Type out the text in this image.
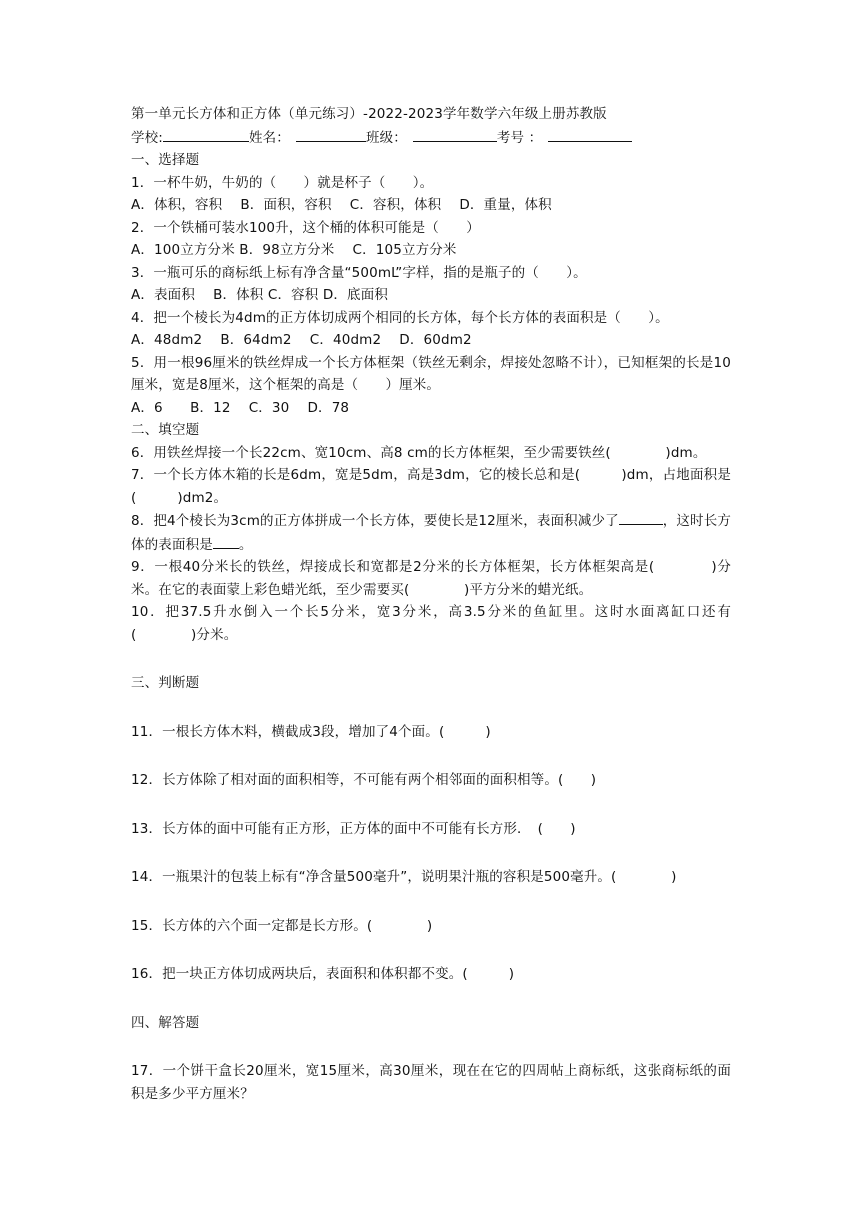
第一单元长方体和正方体（单元练习）-2022-2023学年数学六年级上册苏教版
学校:	姓名：	班级：	考号 ：
一、选择题
1．一杯牛奶，牛奶的（　　）就是杯子（　　）。
A．体积，容积　 B．面积，容积　 C．容积，体积　 D．重量，体积
2．一个铁桶可装水100升，这个桶的体积可能是（　　）
A．100立方分米 B．98立方分米　 C．105立方分米
3．一瓶可乐的商标纸上标有净含量“500mL”字样，指的是瓶子的（　　）。
A．表面积　 B．体积 C．容积 D．底面积
4．把一个棱长为4dm的正方体切成两个相同的长方体，每个长方体的表面积是（　　）。
A．48dm2　 B．64dm2　 C．40dm2　 D．60dm2
5．用一根96厘米的铁丝焊成一个长方体框架（铁丝无剩余，焊接处忽略不计），已知框架的长是10厘米，宽是8厘米，这个框架的高是（　　）厘米。
A．6　　B．12　 C．30　 D．78
二、填空题
6．用铁丝焊接一个长22cm、宽10cm、高8 cm的长方体框架，至少需要铁丝(　　　　)dm。
7．一个长方体木箱的长是6dm，宽是5dm，高是3dm，它的棱长总和是(　　　)dm，占地面积是(　　　)dm2。
8．把4个棱长为3cm的正方体拼成一个长方体，要使长是12厘米，表面积减少了	，这时长方体的表面积是 。
9．一根40分米长的铁丝，焊接成长和宽都是2分米的长方体框架，长方体框架高是(　　　　)分米。在它的表面蒙上彩色蜡光纸，至少需要买(　　　　)平方分米的蜡光纸。
10．把37.5升水倒入一个长5分米，宽3分米，高3.5分米的鱼缸里。这时水面离缸口还有(　　　　)分米。
三、判断题
11．一根长方体木料，横截成3段，增加了4个面。(　　　)
12．长方体除了相对面的面积相等，不可能有两个相邻面的面积相等。(　　)
13．长方体的面中可能有正方形，正方体的面中不可能有长方形．　(　　)
14．一瓶果汁的包装上标有“净含量500毫升”，说明果汁瓶的容积是500毫升。(　　　　)
15．长方体的六个面一定都是长方形。(　　　　)
16．把一块正方体切成两块后，表面积和体积都不变。(　　　)
四、解答题
17．一个饼干盒长20厘米，宽15厘米，高30厘米，现在在它的四周帖上商标纸，这张商标纸的面积是多少平方厘米？
